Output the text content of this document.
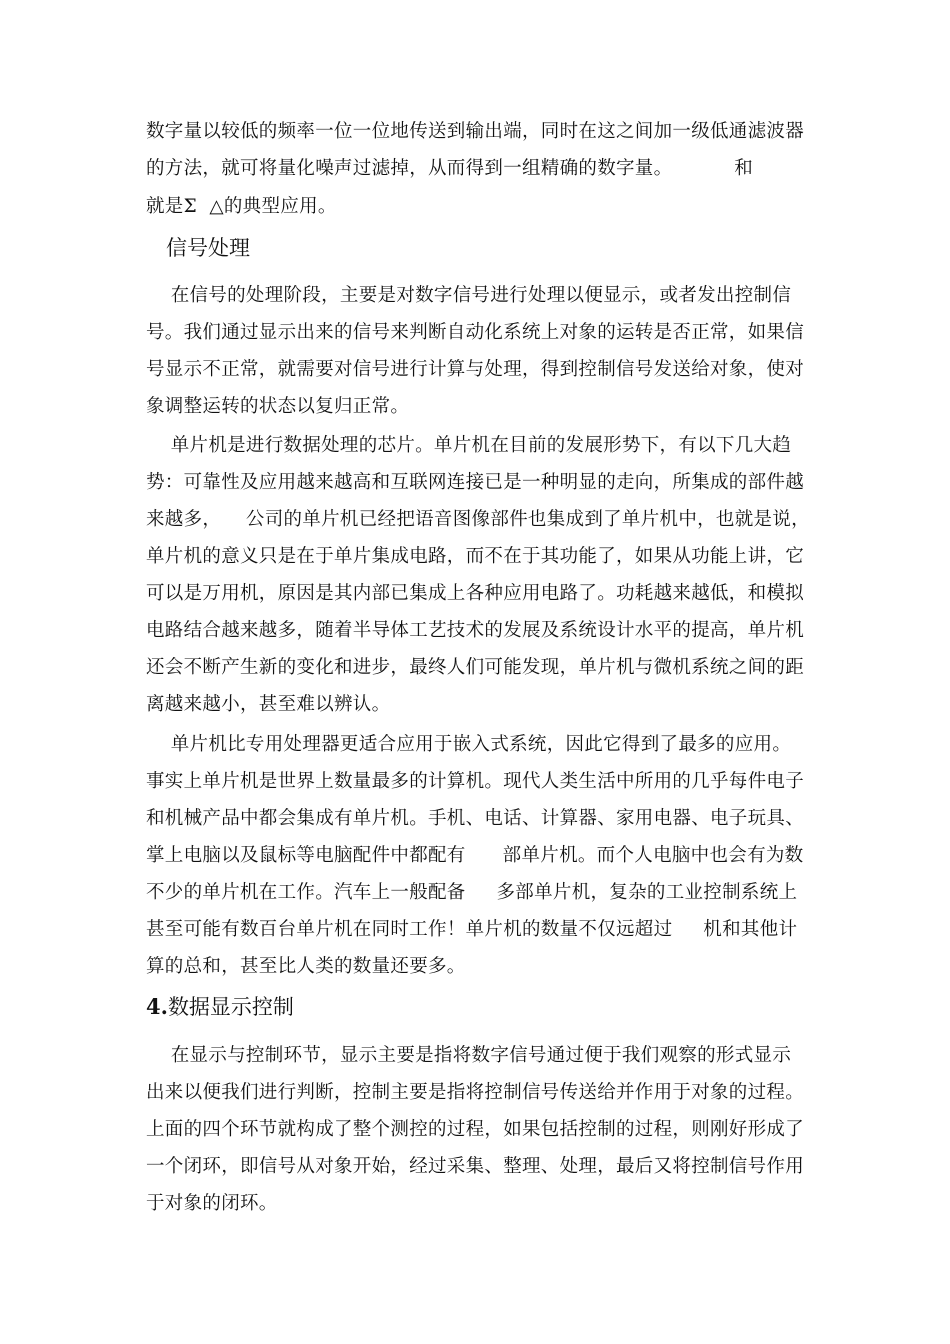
数字量以较低的频率一位一位地传送到输出端，同时在这之间加一级低通滤波器
的方法，就可将量化噪声过滤掉，从而得到一组精确的数字量。          和
就是Σ  △的典型应用。
信号处理
在信号的处理阶段，主要是对数字信号进行处理以便显示，或者发出控制信
号。我们通过显示出来的信号来判断自动化系统上对象的运转是否正常，如果信
号显示不正常，就需要对信号进行计算与处理，得到控制信号发送给对象，使对
象调整运转的状态以复归正常。
单片机是进行数据处理的芯片。单片机在目前的发展形势下，有以下几大趋
势：可靠性及应用越来越高和互联网连接已是一种明显的走向，所集成的部件越
来越多，    公司的单片机已经把语音图像部件也集成到了单片机中，也就是说，
单片机的意义只是在于单片集成电路，而不在于其功能了，如果从功能上讲，它
可以是万用机，原因是其内部已集成上各种应用电路了。功耗越来越低，和模拟
电路结合越来越多，随着半导体工艺技术的发展及系统设计水平的提高，单片机
还会不断产生新的变化和进步，最终人们可能发现，单片机与微机系统之间的距
离越来越小，甚至难以辨认。
单片机比专用处理器更适合应用于嵌入式系统，因此它得到了最多的应用。
事实上单片机是世界上数量最多的计算机。现代人类生活中所用的几乎每件电子
和机械产品中都会集成有单片机。手机、电话、计算器、家用电器、电子玩具、
掌上电脑以及鼠标等电脑配件中都配有      部单片机。而个人电脑中也会有为数
不少的单片机在工作。汽车上一般配备     多部单片机，复杂的工业控制系统上
甚至可能有数百台单片机在同时工作！单片机的数量不仅远超过     机和其他计
算的总和，甚至比人类的数量还要多。
4.数据显示控制
在显示与控制环节，显示主要是指将数字信号通过便于我们观察的形式显示
出来以便我们进行判断，控制主要是指将控制信号传送给并作用于对象的过程。
上面的四个环节就构成了整个测控的过程，如果包括控制的过程，则刚好形成了
一个闭环，即信号从对象开始，经过采集、整理、处理，最后又将控制信号作用
于对象的闭环。
